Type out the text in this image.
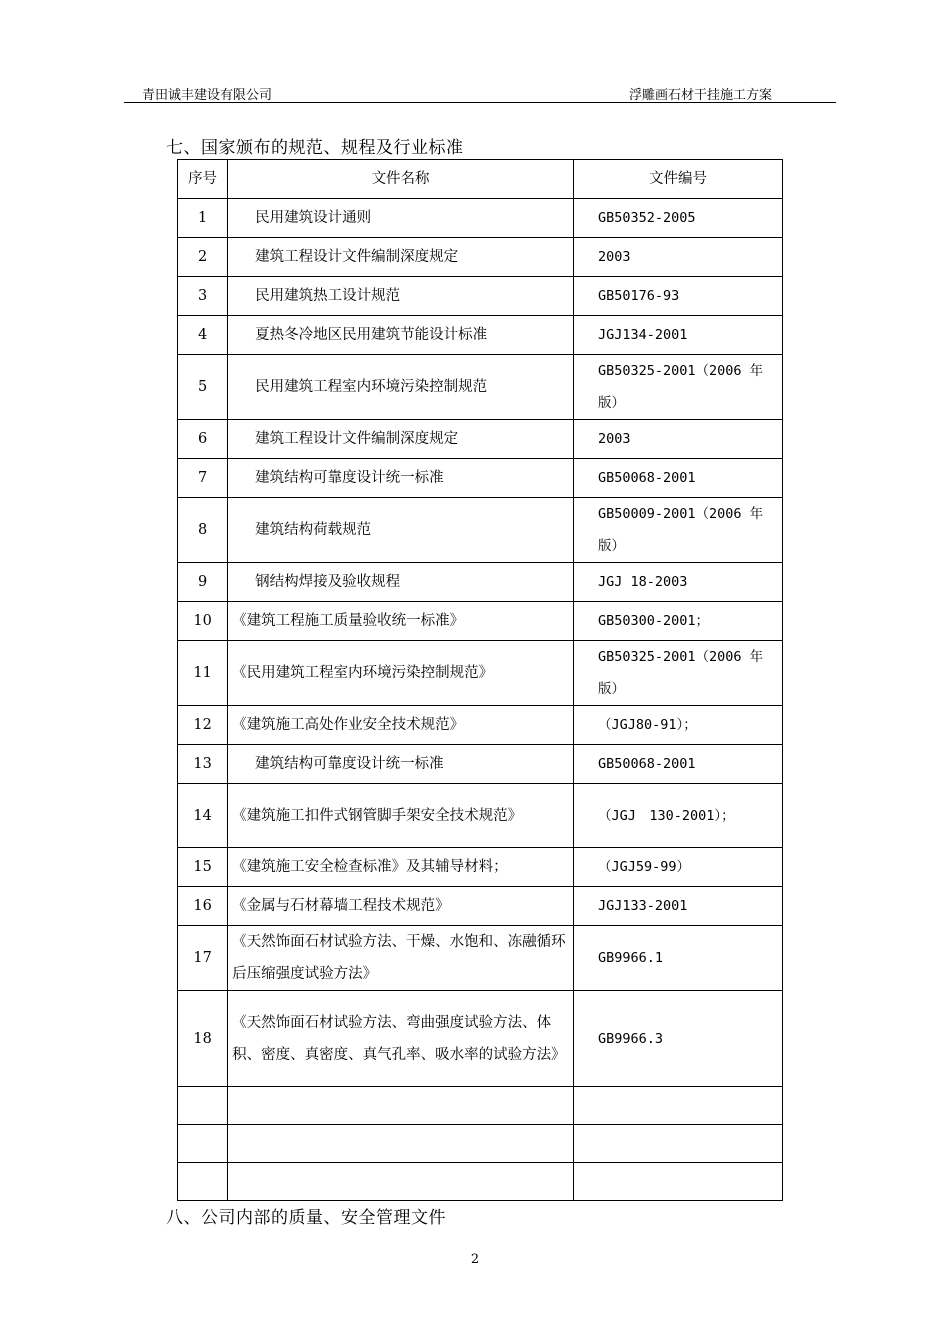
青田诚丰建设有限公司	浮雕画石材干挂施工方案
七、国家颁布的规范、规程及行业标准
序号	文件名称	文件编号
1	民用建筑设计通则	GB50352-2005
2	建筑工程设计文件编制深度规定	2003
3	民用建筑热工设计规范	GB50176-93
4	夏热冬冷地区民用建筑节能设计标准	JGJ134-2001
5	民用建筑工程室内环境污染控制规范	GB50325-2001（2006 年版）
6	建筑工程设计文件编制深度规定	2003
7	建筑结构可靠度设计统一标准	GB50068-2001
8	建筑结构荷载规范	GB50009-2001（2006 年版）
9	钢结构焊接及验收规程	JGJ 18-2003
10	《建筑工程施工质量验收统一标准》	GB50300-2001；
11	《民用建筑工程室内环境污染控制规范》	GB50325-2001（2006 年版）
12	《建筑施工高处作业安全技术规范》	（JGJ80-91）；
13	建筑结构可靠度设计统一标准	GB50068-2001
14	《建筑施工扣件式钢管脚手架安全技术规范》	（JGJ　130-2001）；
15	《建筑施工安全检查标准》及其辅导材料；	（JGJ59-99）
16	《金属与石材幕墙工程技术规范》	JGJ133-2001
17	《天然饰面石材试验方法、干燥、水饱和、冻融循环后压缩强度试验方法》	GB9966.1
18	《天然饰面石材试验方法、弯曲强度试验方法、体积、密度、真密度、真气孔率、吸水率的试验方法》	GB9966.3

八、公司内部的质量、安全管理文件
2
